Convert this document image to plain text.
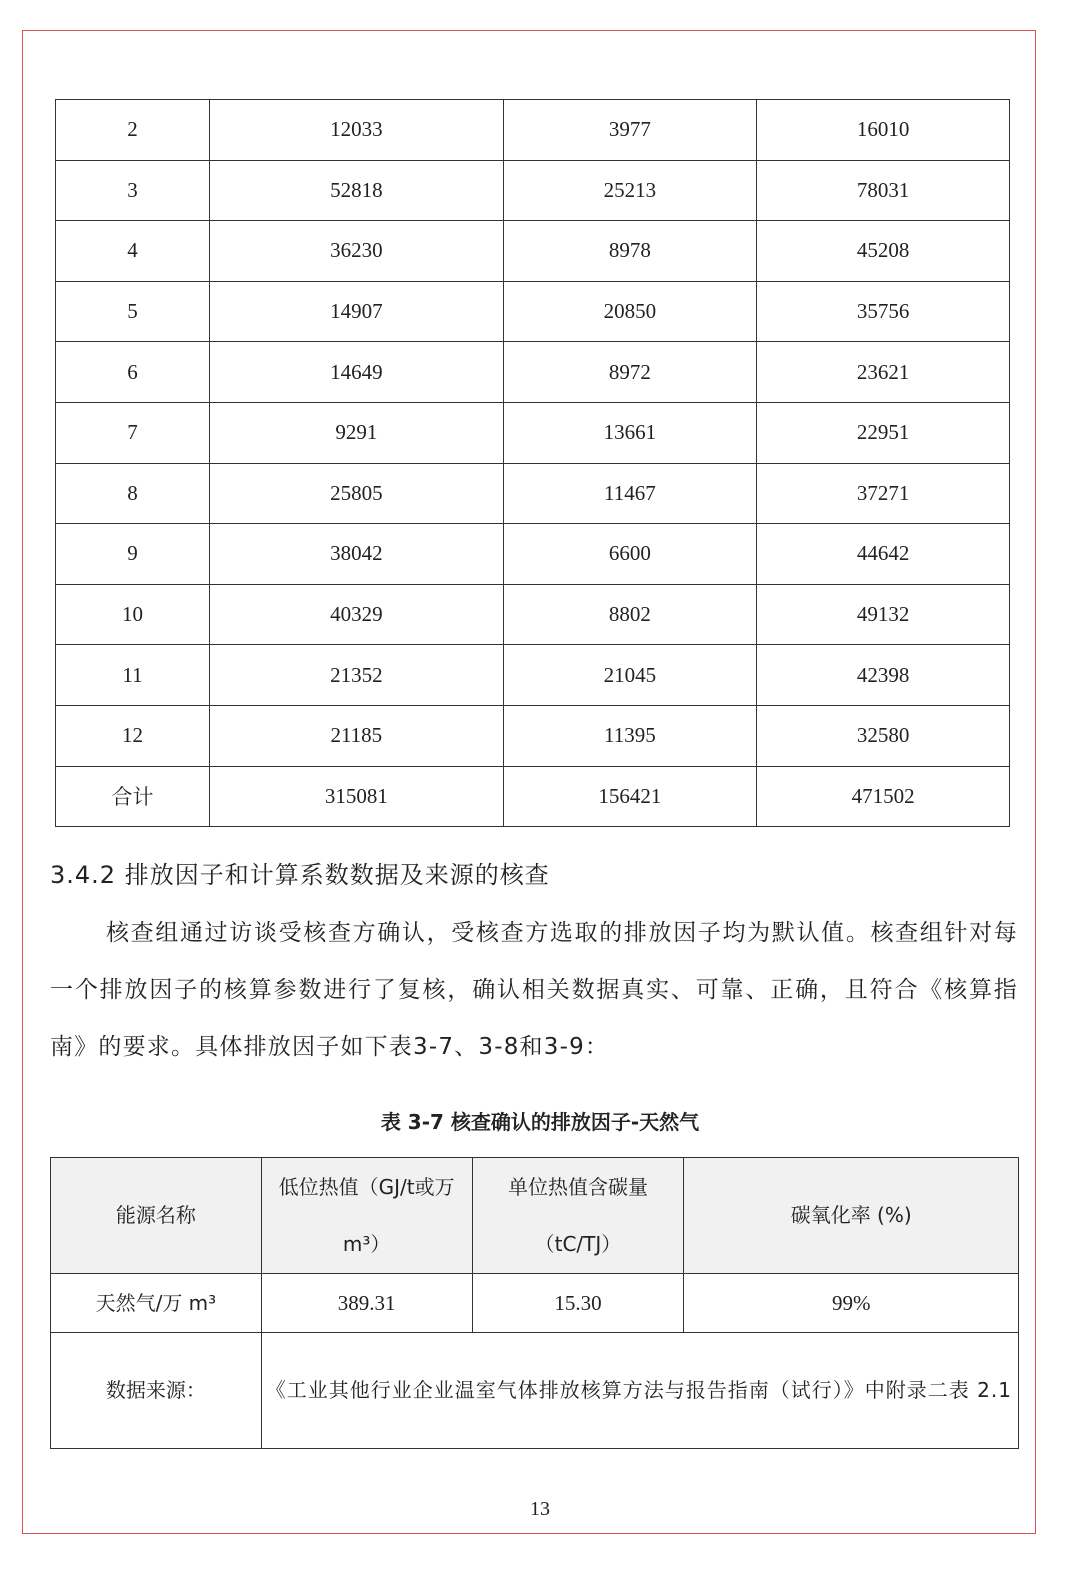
2	12033	3977	16010
3	52818	25213	78031
4	36230	8978	45208
5	14907	20850	35756
6	14649	8972	23621
7	9291	13661	22951
8	25805	11467	37271
9	38042	6600	44642
10	40329	8802	49132
11	21352	21045	42398
12	21185	11395	32580
合计	315081	156421	471502
3.4.2 排放因子和计算系数数据及来源的核查

核查组通过访谈受核查方确认，受核查方选取的排放因子均为默认值。核查组针对每一个排放因子的核算参数进行了复核，确认相关数据真实、可靠、正确，且符合《核算指南》的要求。具体排放因子如下表3-7、3-8和3-9：

表 3-7 核查确认的排放因子-天然气

能源名称	低位热值（GJ/t或万m³）	单位热值含碳量（tC/TJ）	碳氧化率 (%)
天然气/万 m³	389.31	15.30	99%
数据来源：	《工业其他行业企业温室气体排放核算方法与报告指南（试行）》中附录二表 2.1		

13
